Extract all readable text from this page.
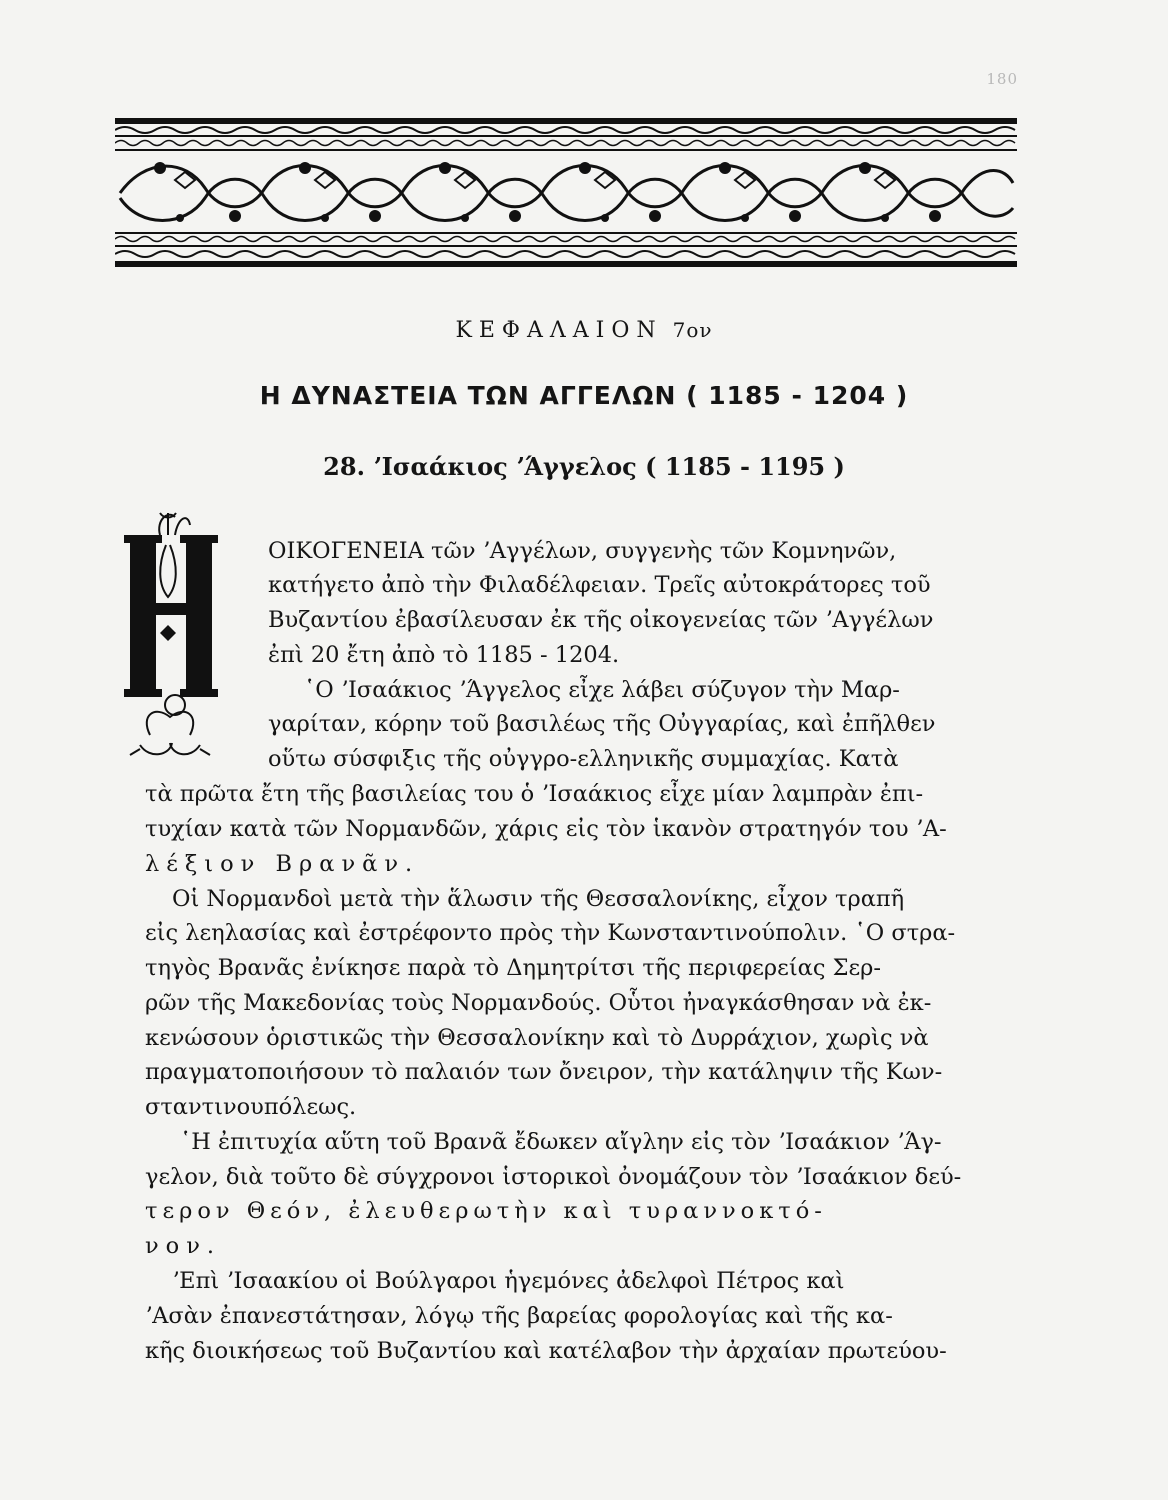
180
ΚΕΦΑΛΑΙΟΝ 7ον
Η ΔΥΝΑΣΤΕΙΑ ΤΩΝ ΑΓΓΕΛΩΝ ( 1185 - 1204 )
28. ʼΙσαάκιος ʼΆγγελος ( 1185 - 1195 )
ΟΙΚΟΓΕΝΕΙΑ τῶν ʼΑγγέλων, συγγενὴς τῶν Κομνηνῶν,
κατήγετο ἀπὸ τὴν Φιλαδέλφειαν. Τρεῖς αὐτοκράτορες τοῦ
Βυζαντίου ἐβασίλευσαν ἐκ τῆς οἰκογενείας τῶν ʼΑγγέλων
ἐπὶ 20 ἔτη ἀπὸ τὸ 1185 - 1204.
῾Ο ʼΙσαάκιος ʼΆγγελος εἶχε λάβει σύζυγον τὴν Μαρ-
γαρίταν, κόρην τοῦ βασιλέως τῆς Οὐγγαρίας, καὶ ἐπῆλθεν
οὕτω σύσφιξις τῆς οὐγγρο-ελληνικῆς συμμαχίας. Κατὰ
τὰ πρῶτα ἔτη τῆς βασιλείας του ὁ ʼΙσαάκιος εἶχε μίαν λαμπρὰν ἐπι-
τυχίαν κατὰ τῶν Νορμανδῶν, χάρις εἰς τὸν ἱκανὸν στρατηγόν του ʼΑ-
λέξιον Βρανᾶν.
Οἱ Νορμανδοὶ μετὰ τὴν ἅλωσιν τῆς Θεσσαλονίκης, εἶχον τραπῆ
εἰς λεηλασίας καὶ ἐστρέφοντο πρὸς τὴν Κωνσταντινούπολιν. ῾Ο στρα-
τηγὸς Βρανᾶς ἐνίκησε παρὰ τὸ Δημητρίτσι τῆς περιφερείας Σερ-
ρῶν τῆς Μακεδονίας τοὺς Νορμανδούς. Οὗτοι ἠναγκάσθησαν νὰ ἐκ-
κενώσουν ὁριστικῶς τὴν Θεσσαλονίκην καὶ τὸ Δυρράχιον, χωρὶς νὰ
πραγματοποιήσουν τὸ παλαιόν των ὄνειρον, τὴν κατάληψιν τῆς Κων-
σταντινουπόλεως.
῾Η ἐπιτυχία αὕτη τοῦ Βρανᾶ ἔδωκεν αἴγλην εἰς τὸν ʼΙσαάκιον ʼΆγ-
γελον, διὰ τοῦτο δὲ σύγχρονοι ἱστορικοὶ ὀνομάζουν τὸν ʼΙσαάκιον δεύ-
τερον Θεόν, ἐλευθερωτὴν καὶ τυραννοκτό-
νον.
ʼΕπὶ ʼΙσαακίου οἱ Βούλγαροι ἡγεμόνες ἀδελφοὶ Πέτρος καὶ
ʼΑσὰν ἐπανεστάτησαν, λόγῳ τῆς βαρείας φορολογίας καὶ τῆς κα-
κῆς διοικήσεως τοῦ Βυζαντίου καὶ κατέλαβον τὴν ἀρχαίαν πρωτεύου-
